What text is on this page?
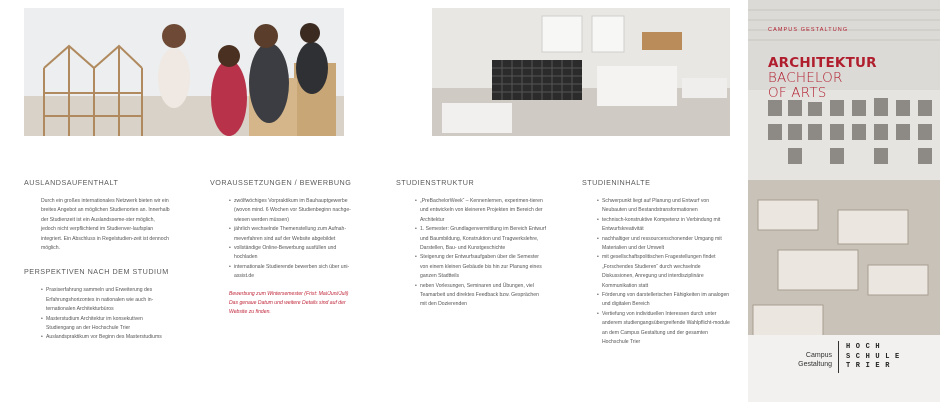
CAMPUS GESTALTUNG
ARCHITEKTUR
BACHELOR
OF ARTS
Campus
Gestaltung
HOCH
SCHULE
TRIER
AUSLANDSAUFENTHALT

Durch ein großes internationales Netzwerk bieten wir ein breites Angebot an möglichen Studienorten an. Innerhalb der Studienzeit ist ein Auslandsseme-ster möglich, jedoch nicht verpflichtend im Studienver-laufsplan integriert. Ein Abschluss in Regelstudien-zeit ist dennoch möglich.

PERSPEKTIVEN NACH DEM STUDIUM
• Praxiserfahrung sammeln und Erweiterung des Erfahrungshorizontes in nationalen wie auch in-ternationalen Architekturbüros
• Masterstudium Architektur im konsekutiven Studiengang an der Hochschule Trier
• Auslandspraktikum vor Beginn des Masterstudiums
VORAUSSETZUNGEN / BEWERBUNG
• zwölfwöchiges Vorpraktikum im Bauhauptgewerbe (wovon mind. 6 Wochen vor Studienbeginn nachge-wiesen werden müssen)
• jährlich wechselnde Themenstellung zum Aufnah-meverfahren sind auf der Website abgebildet
• vollständige Online-Bewerbung ausfüllen und hochladen
• internationale Studierende bewerben sich über uni-assist.de
Bewerbung zum Wintersemester (Frist: Mai/Juni/Juli) Das genaue Datum und weitere Details sind auf der Website zu finden.
STUDIENSTRUKTUR
• „PreBachelorWeek“ – Kennenlernen, experimen-tieren und entwickeln von kleineren Projekten im Bereich der Architektur
• 1. Semester: Grundlagenvermittlung im Bereich Entwurf und Baumbildung, Konstruktion und Tragwerkslehre, Darstellen, Bau- und Kunstgeschichte
• Steigerung der Entwurfsaufgaben über die Semester von einem kleinen Gebäude bis hin zur Planung eines ganzen Stadtteils
• neben Vorlesungen, Seminaren und Übungen, viel Teamarbeit und direktes Feedback bzw. Gesprächen mit den Dozierenden
STUDIENINHALTE
• Schwerpunkt liegt auf Planung und Entwurf von Neubauten und Bestandstransformationen
• technisch-konstruktive Kompetenz in Verbindung mit Entwurfskreativität
• nachhaltiger und ressourcenschonender Umgang mit Materialien und der Umwelt
• mit gesellschaftspolitischen Fragestellungen findet „Forschendes Studieren“ durch wechselnde Diskussionen, Anregung und interdisziplinäre Kommunikation statt
• Förderung von darstellerischen Fähigkeiten im analogen und digitalen Bereich
• Vertiefung von individuellen Interessen durch unter anderem studiengangsübergreifende Wahlpflicht-module an dem Campus Gestaltung und der gesamten Hochschule Trier
